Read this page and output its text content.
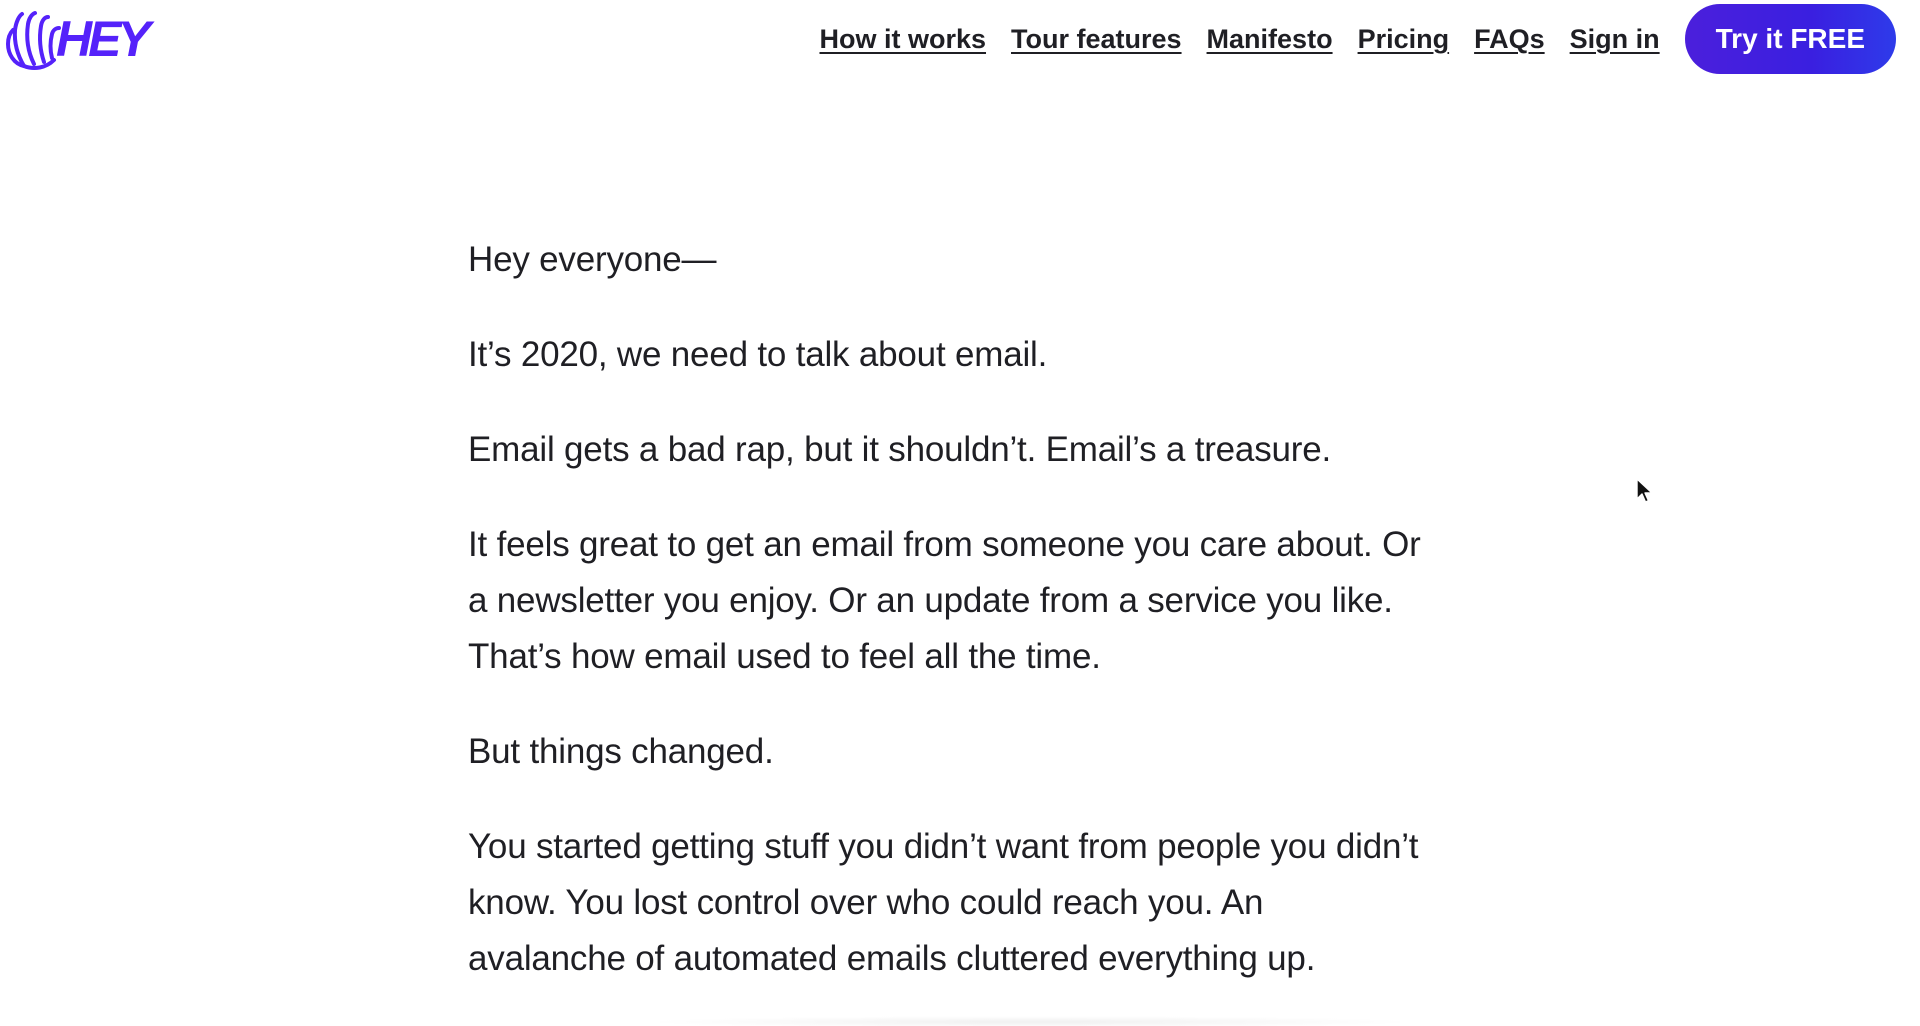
HEY	How it works Tour features Manifesto Pricing FAQs Sign in	Try it FREE

Hey everyone—

It’s 2020, we need to talk about email.

Email gets a bad rap, but it shouldn’t. Email’s a treasure.

It feels great to get an email from someone you care about. Or a newsletter you enjoy. Or an update from a service you like. That’s how email used to feel all the time.

But things changed.

You started getting stuff you didn’t want from people you didn’t know. You lost control over who could reach you. An avalanche of automated emails cluttered everything up.
